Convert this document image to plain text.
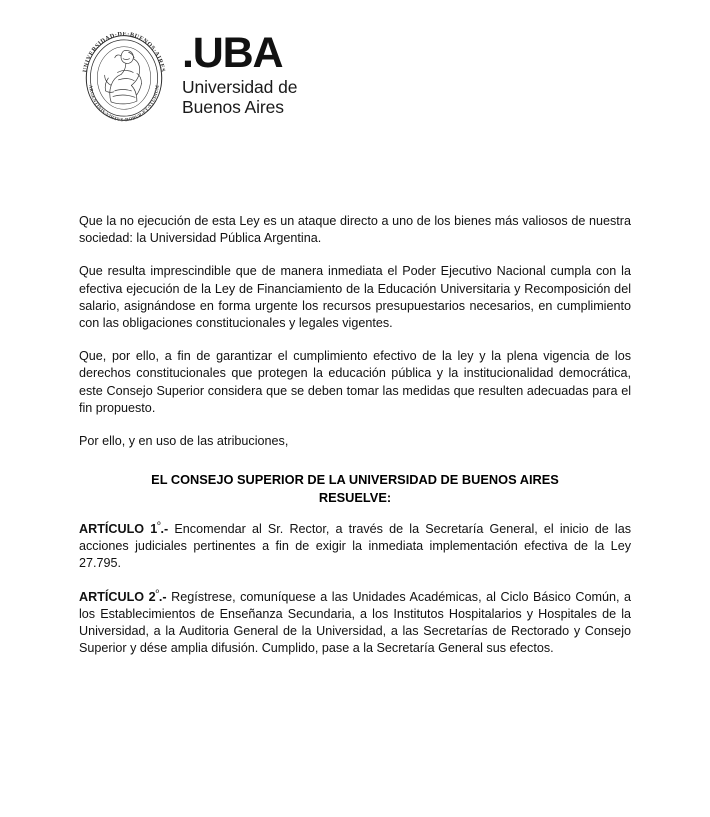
UNIVERSIDAD·DE·BUENOS·AIRES
ARGENTINIS·VIRTUS·ROBUR·ET·STUDIUM
.UBA
Universidad de
Buenos Aires

Que la no ejecución de esta Ley es un ataque directo a uno de los bienes más valiosos de nuestra sociedad: la Universidad Pública Argentina.

Que resulta imprescindible que de manera inmediata el Poder Ejecutivo Nacional cumpla con la efectiva ejecución de la Ley de Financiamiento de la Educación Universitaria y Recomposición del salario, asignándose en forma urgente los recursos presupuestarios necesarios, en cumplimiento con las obligaciones constitucionales y legales vigentes.

Que, por ello, a fin de garantizar el cumplimiento efectivo de la ley y la plena vigencia de los derechos constitucionales que protegen la educación pública y la institucionalidad democrática, este Consejo Superior considera que se deben tomar las medidas que resulten adecuadas para el fin propuesto.

Por ello, y en uso de las atribuciones,

EL CONSEJO SUPERIOR DE LA UNIVERSIDAD DE BUENOS AIRES
RESUELVE:

ARTÍCULO $1^º.-$ Encomendar al Sr. Rector, a través de la Secretaría General, el inicio de las acciones judiciales pertinentes a fin de exigir la inmediata implementación efectiva de la Ley 27.795.

ARTÍCULO $2^º.-$ Regístrese, comuníquese a las Unidades Académicas, al Ciclo Básico Común, a los Establecimientos de Enseñanza Secundaria, a los Institutos Hospitalarios y Hospitales de la Universidad, a la Auditoria General de la Universidad, a las Secretarías de Rectorado y Consejo Superior y dése amplia difusión. Cumplido, pase a la Secretaría General sus efectos.
